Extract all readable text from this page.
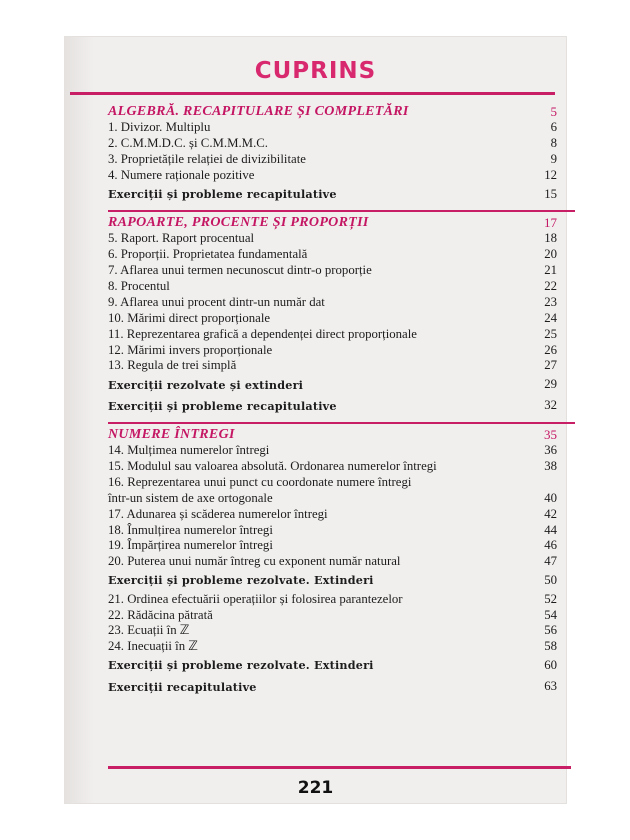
CUPRINS
ALGEBRĂ. RECAPITULARE ȘI COMPLETĂRI	5
1. Divizor. Multiplu	6
2. C.M.M.D.C. și C.M.M.M.C.	8
3. Proprietățile relației de divizibilitate	9
4. Numere raționale pozitive	12
Exerciții și probleme recapitulative	15
RAPOARTE, PROCENTE ȘI PROPORȚII	17
5. Raport. Raport procentual	18
6. Proporții. Proprietatea fundamentală	20
7. Aflarea unui termen necunoscut dintr-o proporție	21
8. Procentul	22
9. Aflarea unui procent dintr-un număr dat	23
10. Mărimi direct proporționale	24
11. Reprezentarea grafică a dependenței direct proporționale	25
12. Mărimi invers proporționale	26
13. Regula de trei simplă	27
Exerciții rezolvate și extinderi	29
Exerciții și probleme recapitulative	32
NUMERE ÎNTREGI	35
14. Mulțimea numerelor întregi	36
15. Modulul sau valoarea absolută. Ordonarea numerelor întregi	38
16. Reprezentarea unui punct cu coordonate numere întregi
într-un sistem de axe ortogonale	40
17. Adunarea și scăderea numerelor întregi	42
18. Înmulțirea numerelor întregi	44
19. Împărțirea numerelor întregi	46
20. Puterea unui număr întreg cu exponent număr natural	47
Exerciții și probleme rezolvate. Extinderi	50
21. Ordinea efectuării operațiilor și folosirea parantezelor	52
22. Rădăcina pătrată	54
23. Ecuații în ℤ	56
24. Inecuații în ℤ	58
Exerciții și probleme rezolvate. Extinderi	60
Exerciții recapitulative	63
221
